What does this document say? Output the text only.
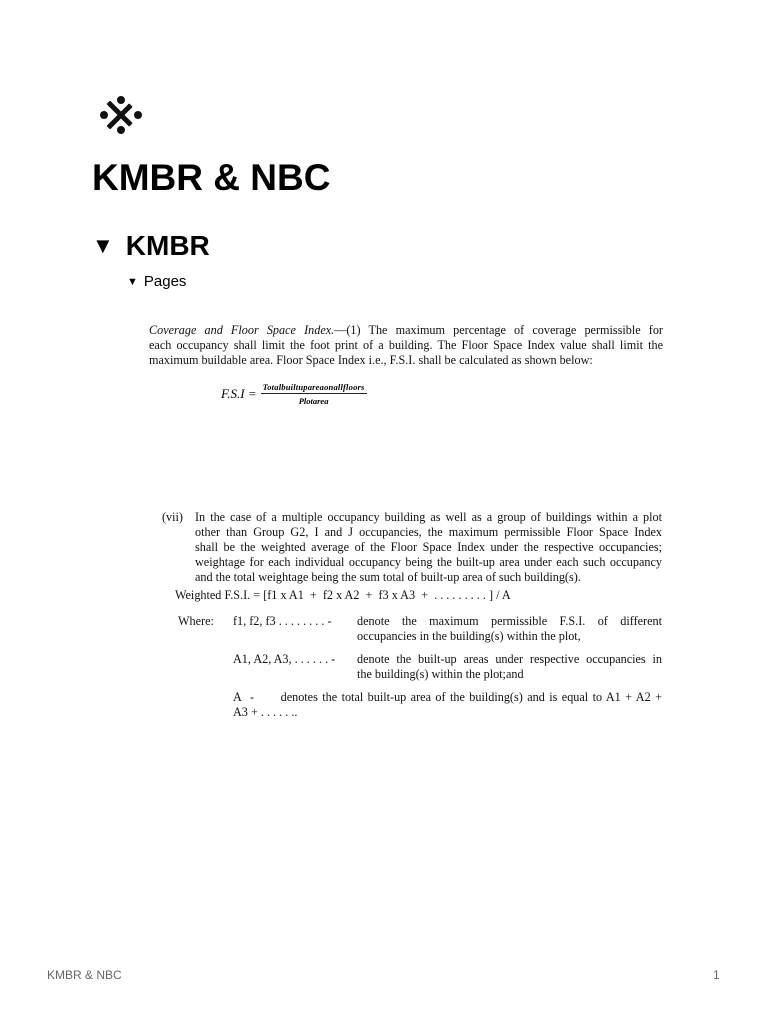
KMBR & NBC
▼ KMBR
▼ Pages

Coverage and Floor Space Index.—(1) The maximum percentage of coverage permissible for

each occupancy shall limit the foot print of a building. The Floor Space Index value shall limit the

maximum buildable area. Floor Space Index i.e., F.S.I. shall be calculated as shown below:

$F.S.I = \frac{\text{Totalbuiltupareaonallfloors}}{\text{Plotarea}}$
(vii) In the case of a multiple occupancy building as well as a group of buildings within a plot

other than Group G2, I and J occupancies, the maximum permissible Floor Space Index

shall be the weighted average of the Floor Space Index under the respective occupancies;

weightage for each individual occupancy being the built-up area under each such occupancy

and the total weightage being the sum total of built-up area of such building(s).

Weighted F.S.I. = [f1 x A1  +  f2 x A2  +  f3 x A3  +  . . . . . . . . . ] / A
Where: f1, f2, f3 . . . . . . . . - denote the maximum permissible F.S.I. of different

occupancies in the building(s) within the plot,

A1, A2, A3, . . . . . . - denote the built-up areas under respective occupancies in

the building(s) within the plot;and

A  -      denotes the total built-up area of the building(s) and is equal to A1 + A2 +

A3 + . . . . . ..

KMBR & NBC	1
